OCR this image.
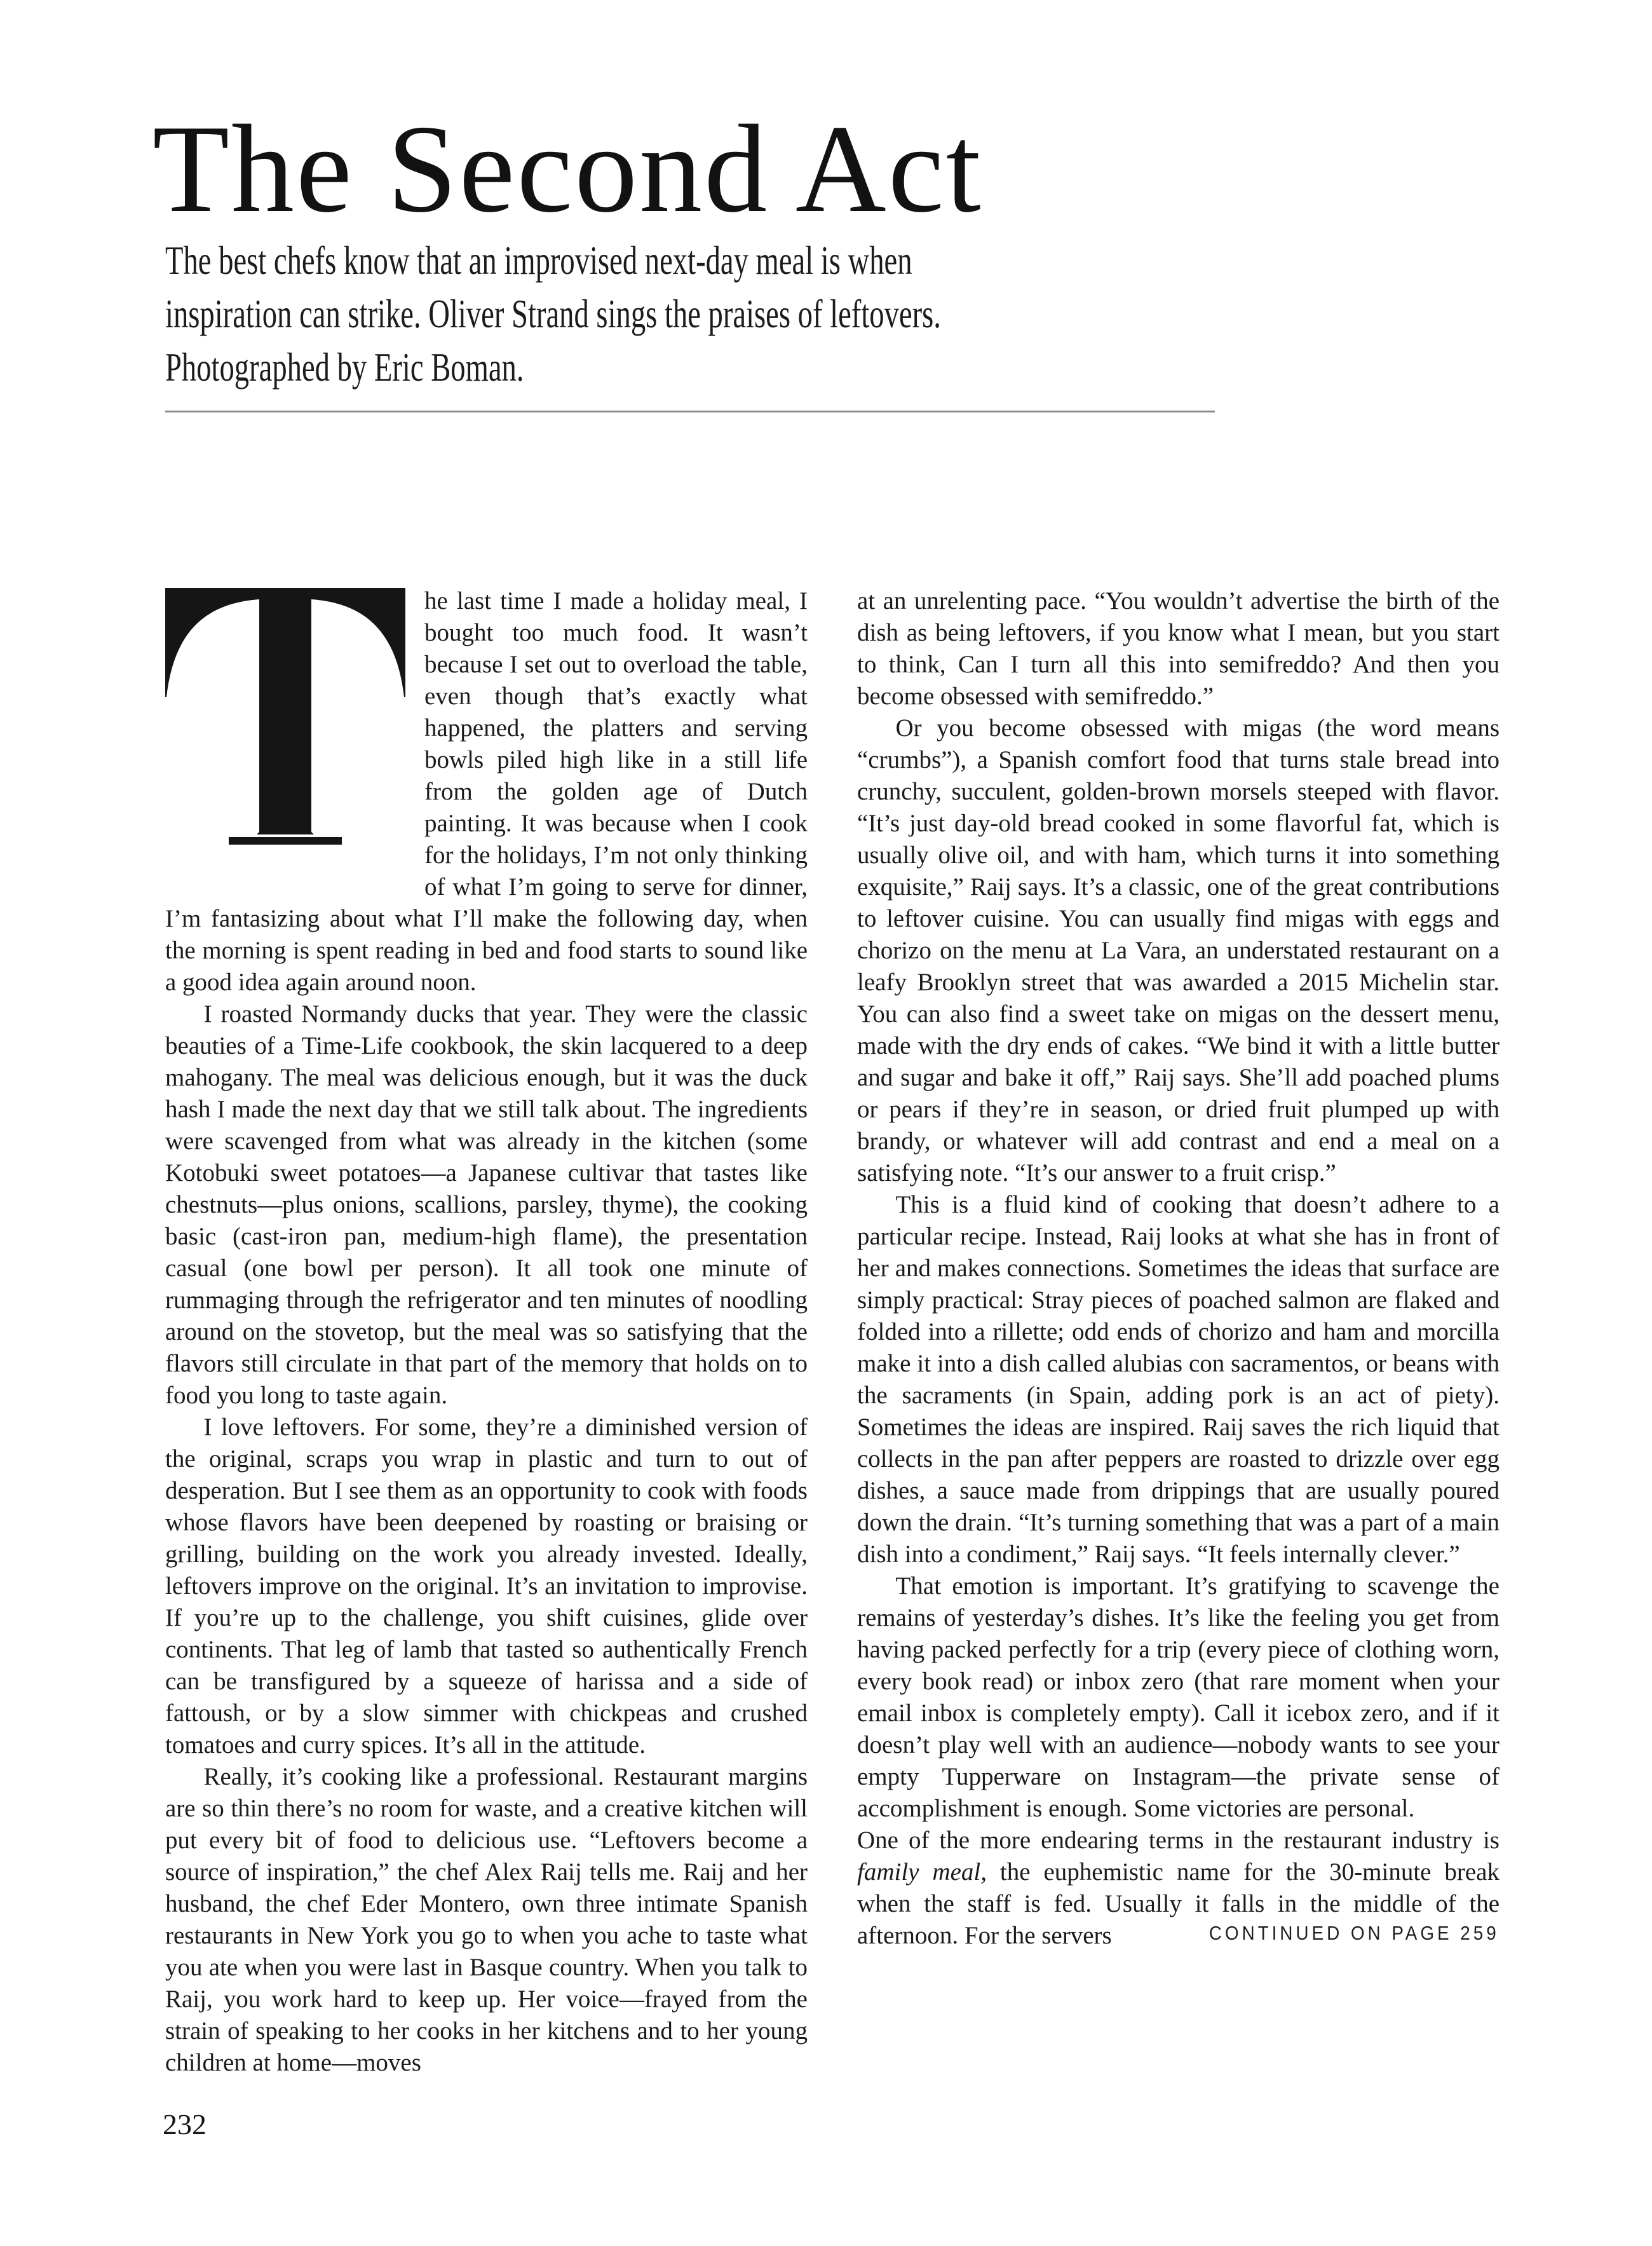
The Second Act
The best chefs know that an improvised next-day meal is when
inspiration can strike. Oliver Strand sings the praises of leftovers.
Photographed by Eric Boman.

he last time I made a holiday meal, I bought too much food. It wasn’t because I set out to overload the table, even though that’s exactly what happened, the platters and serving bowls piled high like in a still life from the golden age of Dutch painting. It was because when I cook for the holidays, I’m not only thinking of what I’m going to serve for dinner, I’m fantasizing about what I’ll make the following day, when the morning is spent reading in bed and food starts to sound like a good idea again around noon.

I roasted Normandy ducks that year. They were the classic beauties of a Time-Life cookbook, the skin lacquered to a deep mahogany. The meal was delicious enough, but it was the duck hash I made the next day that we still talk about. The ingredients were scavenged from what was already in the kitchen (some Kotobuki sweet potatoes—a Japanese cultivar that tastes like chestnuts—plus onions, scallions, parsley, thyme), the cooking basic (cast-iron pan, medium-high flame), the presentation casual (one bowl per person). It all took one minute of rummaging through the refrigerator and ten minutes of noodling around on the stovetop, but the meal was so satisfying that the flavors still circulate in that part of the memory that holds on to food you long to taste again.

I love leftovers. For some, they’re a diminished version of the original, scraps you wrap in plastic and turn to out of desperation. But I see them as an opportunity to cook with foods whose flavors have been deepened by roasting or braising or grilling, building on the work you already invested. Ideally, leftovers improve on the original. It’s an invitation to improvise. If you’re up to the challenge, you shift cuisines, glide over continents. That leg of lamb that tasted so authentically French can be transfigured by a squeeze of harissa and a side of fattoush, or by a slow simmer with chickpeas and crushed tomatoes and curry spices. It’s all in the attitude.

Really, it’s cooking like a professional. Restaurant margins are so thin there’s no room for waste, and a creative kitchen will put every bit of food to delicious use. “Leftovers become a source of inspiration,” the chef Alex Raij tells me. Raij and her husband, the chef Eder Montero, own three intimate Spanish restaurants in New York you go to when you ache to taste what you ate when you were last in Basque country. When you talk to Raij, you work hard to keep up. Her voice—frayed from the strain of speaking to her cooks in her kitchens and to her young children at home—moves

at an unrelenting pace. “You wouldn’t advertise the birth of the dish as being leftovers, if you know what I mean, but you start to think, Can I turn all this into semifreddo? And then you become obsessed with semifreddo.”

Or you become obsessed with migas (the word means “crumbs”), a Spanish comfort food that turns stale bread into crunchy, succulent, golden-brown morsels steeped with flavor. “It’s just day-old bread cooked in some flavorful fat, which is usually olive oil, and with ham, which turns it into something exquisite,” Raij says. It’s a classic, one of the great contributions to leftover cuisine. You can usually find migas with eggs and chorizo on the menu at La Vara, an understated restaurant on a leafy Brooklyn street that was awarded a 2015 Michelin star. You can also find a sweet take on migas on the dessert menu, made with the dry ends of cakes. “We bind it with a little butter and sugar and bake it off,” Raij says. She’ll add poached plums or pears if they’re in season, or dried fruit plumped up with brandy, or whatever will add contrast and end a meal on a satisfying note. “It’s our answer to a fruit crisp.”

This is a fluid kind of cooking that doesn’t adhere to a particular recipe. Instead, Raij looks at what she has in front of her and makes connections. Sometimes the ideas that surface are simply practical: Stray pieces of poached salmon are flaked and folded into a rillette; odd ends of chorizo and ham and morcilla make it into a dish called alubias con sacramentos, or beans with the sacraments (in Spain, adding pork is an act of piety). Sometimes the ideas are inspired. Raij saves the rich liquid that collects in the pan after peppers are roasted to drizzle over egg dishes, a sauce made from drippings that are usually poured down the drain. “It’s turning something that was a part of a main dish into a condiment,” Raij says. “It feels internally clever.”

That emotion is important. It’s gratifying to scavenge the remains of yesterday’s dishes. It’s like the feeling you get from having packed perfectly for a trip (every piece of clothing worn, every book read) or inbox zero (that rare moment when your email inbox is completely empty). Call it icebox zero, and if it doesn’t play well with an audience—nobody wants to see your empty Tupperware on Instagram—the private sense of accomplishment is enough. Some victories are personal.

One of the more endearing terms in the restaurant industry is family meal, the euphemistic name for the 30-minute break when the staff is fed. Usually it falls in the middle of the afternoon. For the servers	CONTINUED ON PAGE 259

232
